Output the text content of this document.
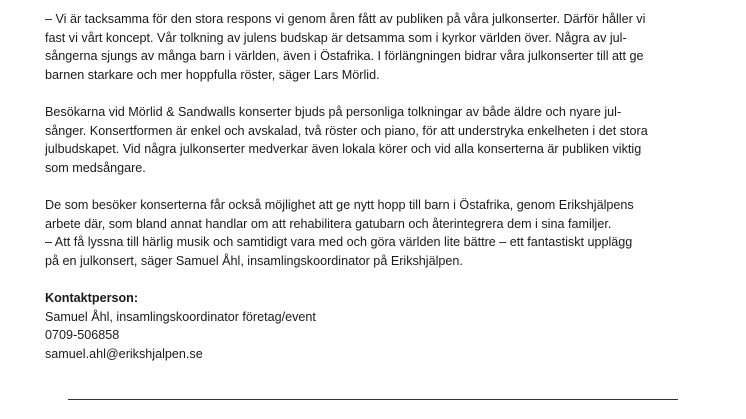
– Vi är tacksamma för den stora respons vi genom åren fått av publiken på våra julkonserter. Därför håller vi
fast vi vårt koncept. Vår tolkning av julens budskap är detsamma som i kyrkor världen över. Några av jul-
sångerna sjungs av många barn i världen, även i Östafrika. I förlängningen bidrar våra julkonserter till att ge
barnen starkare och mer hoppfulla röster, säger Lars Mörlid.

Besökarna vid Mörlid & Sandwalls konserter bjuds på personliga tolkningar av både äldre och nyare jul-
sånger. Konsertformen är enkel och avskalad, två röster och piano, för att understryka enkelheten i det stora
julbudskapet. Vid några julkonserter medverkar även lokala körer och vid alla konserterna är publiken viktig
som medsångare.

De som besöker konserterna får också möjlighet att ge nytt hopp till barn i Östafrika, genom Erikshjälpens
arbete där, som bland annat handlar om att rehabilitera gatubarn och återintegrera dem i sina familjer.
– Att få lyssna till härlig musik och samtidigt vara med och göra världen lite bättre – ett fantastiskt upplägg
på en julkonsert, säger Samuel Åhl, insamlingskoordinator på Erikshjälpen.

Kontaktperson:
Samuel Åhl, insamlingskoordinator företag/event
0709-506858
samuel.ahl@erikshjalpen.se
